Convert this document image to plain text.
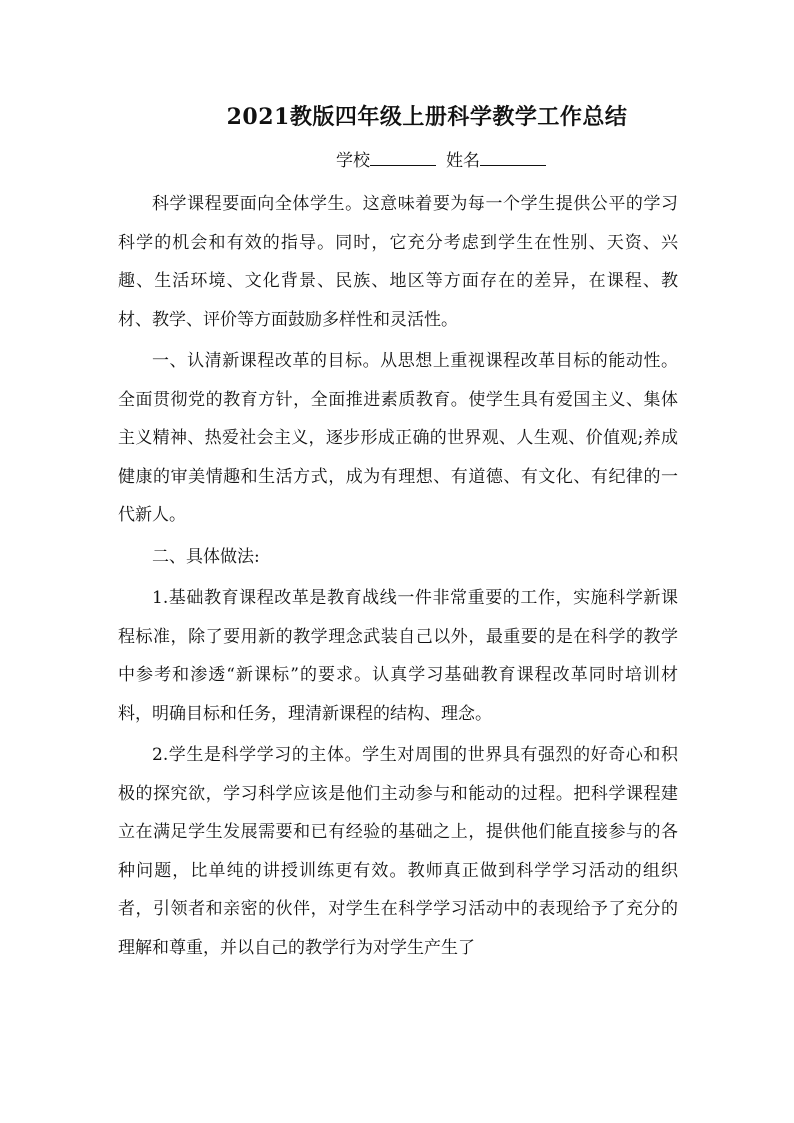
2021教版四年级上册科学教学工作总结
学校	姓名

科学课程要面向全体学生。这意味着要为每一个学生提供公平的学习科学的机会和有效的指导。同时，它充分考虑到学生在性别、天资、兴趣、生活环境、文化背景、民族、地区等方面存在的差异，在课程、教材、教学、评价等方面鼓励多样性和灵活性。

一、认清新课程改革的目标。从思想上重视课程改革目标的能动性。全面贯彻党的教育方针，全面推进素质教育。使学生具有爱国主义、集体主义精神、热爱社会主义，逐步形成正确的世界观、人生观、价值观;养成健康的审美情趣和生活方式，成为有理想、有道德、有文化、有纪律的一代新人。

二、具体做法:

1.基础教育课程改革是教育战线一件非常重要的工作，实施科学新课程标准，除了要用新的教学理念武装自己以外，最重要的是在科学的教学中参考和渗透“新课标”的要求。认真学习基础教育课程改革同时培训材料，明确目标和任务，理清新课程的结构、理念。

2.学生是科学学习的主体。学生对周围的世界具有强烈的好奇心和积极的探究欲，学习科学应该是他们主动参与和能动的过程。把科学课程建立在满足学生发展需要和已有经验的基础之上，提供他们能直接参与的各种问题，比单纯的讲授训练更有效。教师真正做到科学学习活动的组织者，引领者和亲密的伙伴，对学生在科学学习活动中的表现给予了充分的理解和尊重，并以自己的教学行为对学生产生了
